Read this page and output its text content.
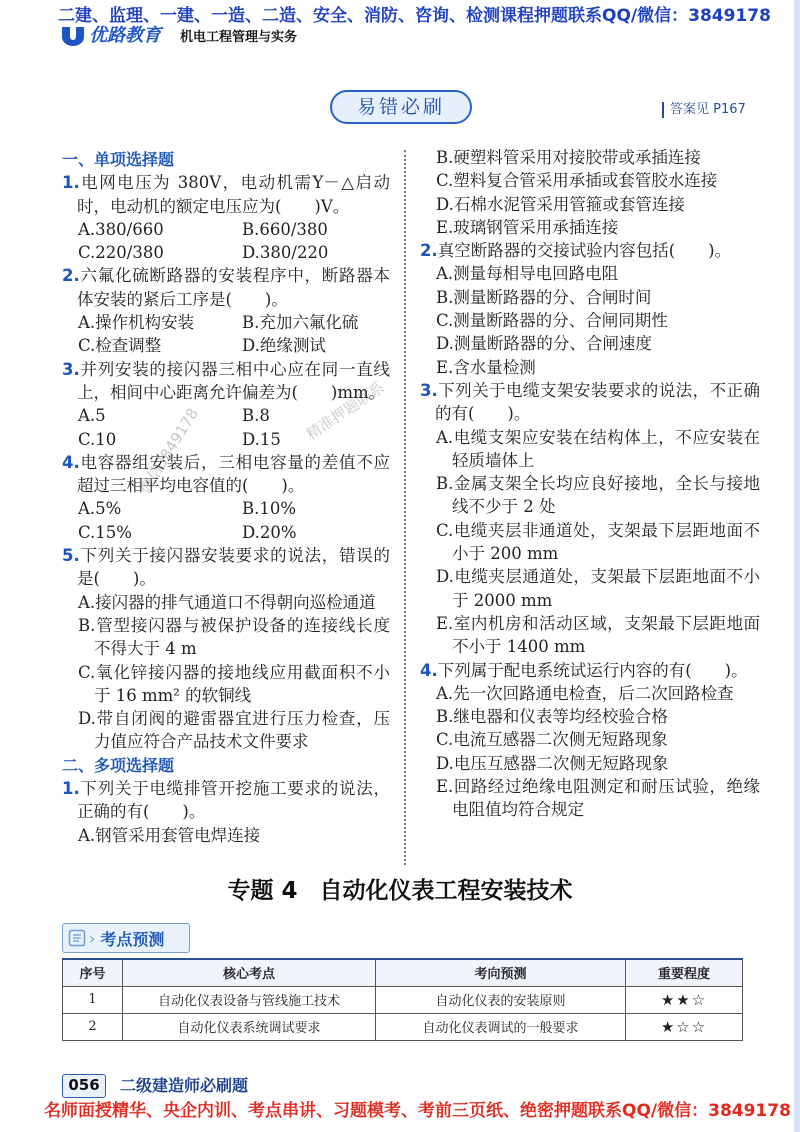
二建、监理、一建、一造、二造、安全、消防、咨询、检测课程押题联系QQ/微信：3849178
优路教育 机电工程管理与实务
易错必刷	答案见 P167
微信3849178	精准押题联系
一、单项选择题
1.电网电压为 380V，电动机需Y－△启动时，电动机的额定电压应为(　　)V。
A.380/660	B.660/380
C.220/380	D.380/220
2.六氟化硫断路器的安装程序中，断路器本体安装的紧后工序是(　　)。
A.操作机构安装	B.充加六氟化硫
C.检查调整	D.绝缘测试
3.并列安装的接闪器三相中心应在同一直线上，相间中心距离允许偏差为(　　)mm。
A.5	B.8
C.10	D.15
4.电容器组安装后，三相电容量的差值不应超过三相平均电容值的(　　)。
A.5%	B.10%
C.15%	D.20%
5.下列关于接闪器安装要求的说法，错误的是(　　)。
A.接闪器的排气通道口不得朝向巡检通道
B.管型接闪器与被保护设备的连接线长度不得大于 4 m
C.氧化锌接闪器的接地线应用截面积不小于 16 mm² 的软铜线
D.带自闭阀的避雷器宜进行压力检查，压力值应符合产品技术文件要求
二、多项选择题
1.下列关于电缆排管开挖施工要求的说法，正确的有(　　)。
A.钢管采用套管电焊连接
B.硬塑料管采用对接胶带或承插连接
C.塑料复合管采用承插或套管胶水连接
D.石棉水泥管采用管箍或套管连接
E.玻璃钢管采用承插连接
2.真空断路器的交接试验内容包括(　　)。
A.测量每相导电回路电阻
B.测量断路器的分、合闸时间
C.测量断路器的分、合闸同期性
D.测量断路器的分、合闸速度
E.含水量检测
3.下列关于电缆支架安装要求的说法，不正确的有(　　)。
A.电缆支架应安装在结构体上，不应安装在轻质墙体上
B.金属支架全长均应良好接地，全长与接地线不少于 2 处
C.电缆夹层非通道处，支架最下层距地面不小于 200 mm
D.电缆夹层通道处，支架最下层距地面不小于 2000 mm
E.室内机房和活动区域，支架最下层距地面不小于 1400 mm
4.下列属于配电系统试运行内容的有(　　)。
A.先一次回路通电检查，后二次回路检查
B.继电器和仪表等均经校验合格
C.电流互感器二次侧无短路现象
D.电压互感器二次侧无短路现象
E.回路经过绝缘电阻测定和耐压试验，绝缘电阻值均符合规定
专题 4 自动化仪表工程安装技术
› 考点预测
序号	核心考点	考向预测	重要程度
1	自动化仪表设备与管线施工技术	自动化仪表的安装原则	★★☆
2	自动化仪表系统调试要求	自动化仪表调试的一般要求	★☆☆
056	二级建造师必刷题
名师面授精华、央企内训、考点串讲、习题模考、考前三页纸、绝密押题联系QQ/微信：3849178
